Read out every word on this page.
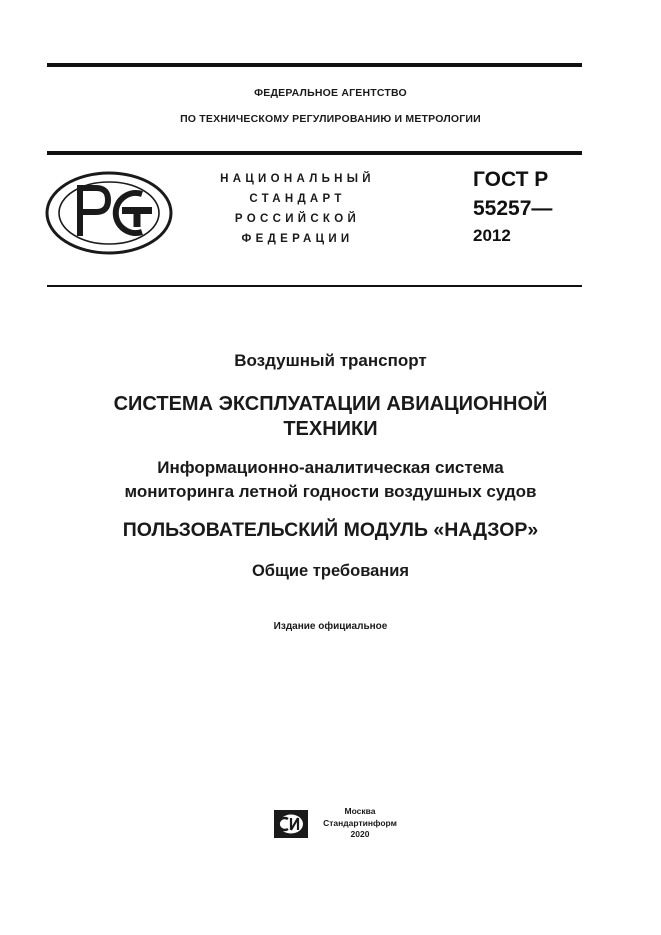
ФЕДЕРАЛЬНОЕ АГЕНТСТВО
ПО ТЕХНИЧЕСКОМУ РЕГУЛИРОВАНИЮ И МЕТРОЛОГИИ
НАЦИОНАЛЬНЫЙ
СТАНДАРТ
РОССИЙСКОЙ
ФЕДЕРАЦИИ
ГОСТ Р
55257—
2012
Воздушный транспорт
СИСТЕМА ЭКСПЛУАТАЦИИ АВИАЦИОННОЙ
ТЕХНИКИ
Информационно-аналитическая система
мониторинга летной годности воздушных судов
ПОЛЬЗОВАТЕЛЬСКИЙ МОДУЛЬ «НАДЗОР»
Общие требования
Издание официальное
Москва
Стандартинформ
2020
